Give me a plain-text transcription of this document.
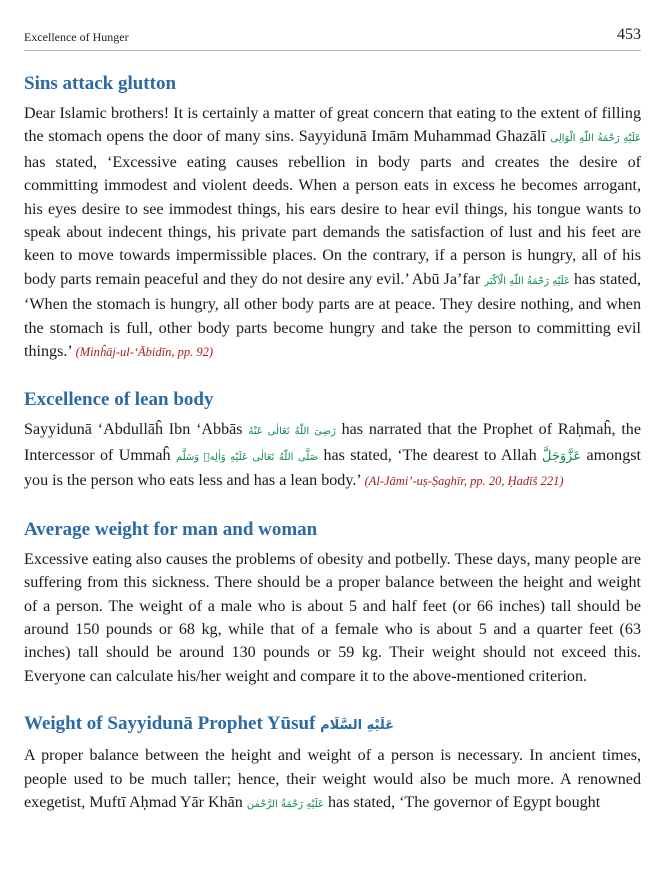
Excellence of Hunger	453
Sins attack glutton

Dear Islamic brothers! It is certainly a matter of great concern that eating to the extent of filling the stomach opens the door of many sins. Sayyidunā Imām Muhammad Ghazālī عَلَيْهِ رَحْمَةُ اللّٰهِ الْوَالِى has stated, ‘Excessive eating causes rebellion in body parts and creates the desire of committing immodest and violent deeds. When a person eats in excess he becomes arrogant, his eyes desire to see immodest things, his ears desire to hear evil things, his tongue wants to speak about indecent things, his private part demands the satisfaction of lust and his feet are keen to move towards impermissible places. On the contrary, if a person is hungry, all of his body parts remain peaceful and they do not desire any evil.’ Abū Ja’far عَلَيْهِ رَحْمَةُ اللّٰهِ الْاَكْبَر has stated, ‘When the stomach is hungry, all other body parts are at peace. They desire nothing, and when the stomach is full, other body parts become hungry and take the person to committing evil things.’ (Minĥāj-ul-‘Ābidīn, pp. 92)

Excellence of lean body

Sayyidunā ‘Abdullāĥ Ibn ‘Abbās رَضِىَ اللّٰهُ تَعَالٰى عَنْهُ has narrated that the Prophet of Raḥmaĥ, the Intercessor of Ummaĥ صَلَّى اللّٰهُ تَعَالٰى عَلَيْهِ وَاٰلِهٖ وَسَلَّم has stated, ‘The dearest to Allah عَزَّوَجَلَّ amongst you is the person who eats less and has a lean body.’ (Al-Jāmi’-uṣ-Ṣaghīr, pp. 20, Ḥadīš 221)

Average weight for man and woman

Excessive eating also causes the problems of obesity and potbelly. These days, many people are suffering from this sickness. There should be a proper balance between the height and weight of a person. The weight of a male who is about 5 and half feet (or 66 inches) tall should be around 150 pounds or 68 kg, while that of a female who is about 5 and a quarter feet (63 inches) tall should be around 130 pounds or 59 kg. Their weight should not exceed this. Everyone can calculate his/her weight and compare it to the above-mentioned criterion.

Weight of Sayyidunā Prophet Yūsuf عَلَيْهِ السَّلَام

A proper balance between the height and weight of a person is necessary. In ancient times, people used to be much taller; hence, their weight would also be much more. A renowned exegetist, Muftī Aḥmad Yār Khān عَلَيْهِ رَحْمَةُ الرَّحْمٰن has stated, ‘The governor of Egypt bought
